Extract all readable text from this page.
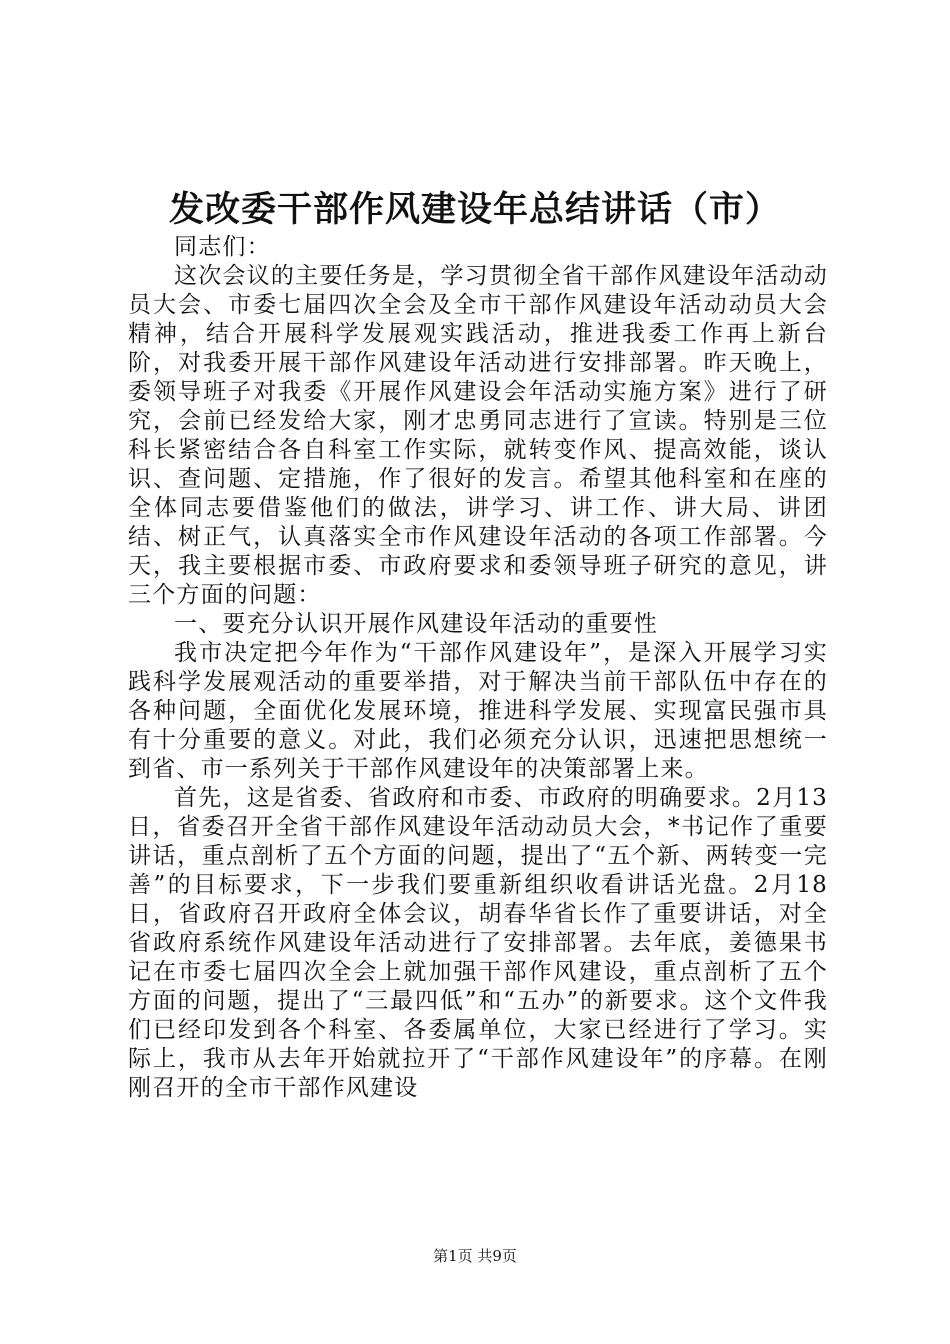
发改委干部作风建设年总结讲话（市）

同志们：

这次会议的主要任务是，学习贯彻全省干部作风建设年活动动员大会、市委七届四次全会及全市干部作风建设年活动动员大会精神，结合开展科学发展观实践活动，推进我委工作再上新台阶，对我委开展干部作风建设年活动进行安排部署。昨天晚上，委领导班子对我委《开展作风建设会年活动实施方案》进行了研究，会前已经发给大家，刚才忠勇同志进行了宣读。特别是三位科长紧密结合各自科室工作实际，就转变作风、提高效能，谈认识、查问题、定措施，作了很好的发言。希望其他科室和在座的全体同志要借鉴他们的做法，讲学习、讲工作、讲大局、讲团结、树正气，认真落实全市作风建设年活动的各项工作部署。今天，我主要根据市委、市政府要求和委领导班子研究的意见，讲三个方面的问题：

一、要充分认识开展作风建设年活动的重要性

我市决定把今年作为“干部作风建设年”，是深入开展学习实践科学发展观活动的重要举措，对于解决当前干部队伍中存在的各种问题，全面优化发展环境，推进科学发展、实现富民强市具有十分重要的意义。对此，我们必须充分认识，迅速把思想统一到省、市一系列关于干部作风建设年的决策部署上来。

首先，这是省委、省政府和市委、市政府的明确要求。2月13日，省委召开全省干部作风建设年活动动员大会，*书记作了重要讲话，重点剖析了五个方面的问题，提出了“五个新、两转变一完善”的目标要求，下一步我们要重新组织收看讲话光盘。2月18日，省政府召开政府全体会议，胡春华省长作了重要讲话，对全省政府系统作风建设年活动进行了安排部署。去年底，姜德果书记在市委七届四次全会上就加强干部作风建设，重点剖析了五个方面的问题，提出了“三最四低”和“五办”的新要求。这个文件我们已经印发到各个科室、各委属单位，大家已经进行了学习。实际上，我市从去年开始就拉开了“干部作风建设年”的序幕。在刚刚召开的全市干部作风建设

第1页 共9页
